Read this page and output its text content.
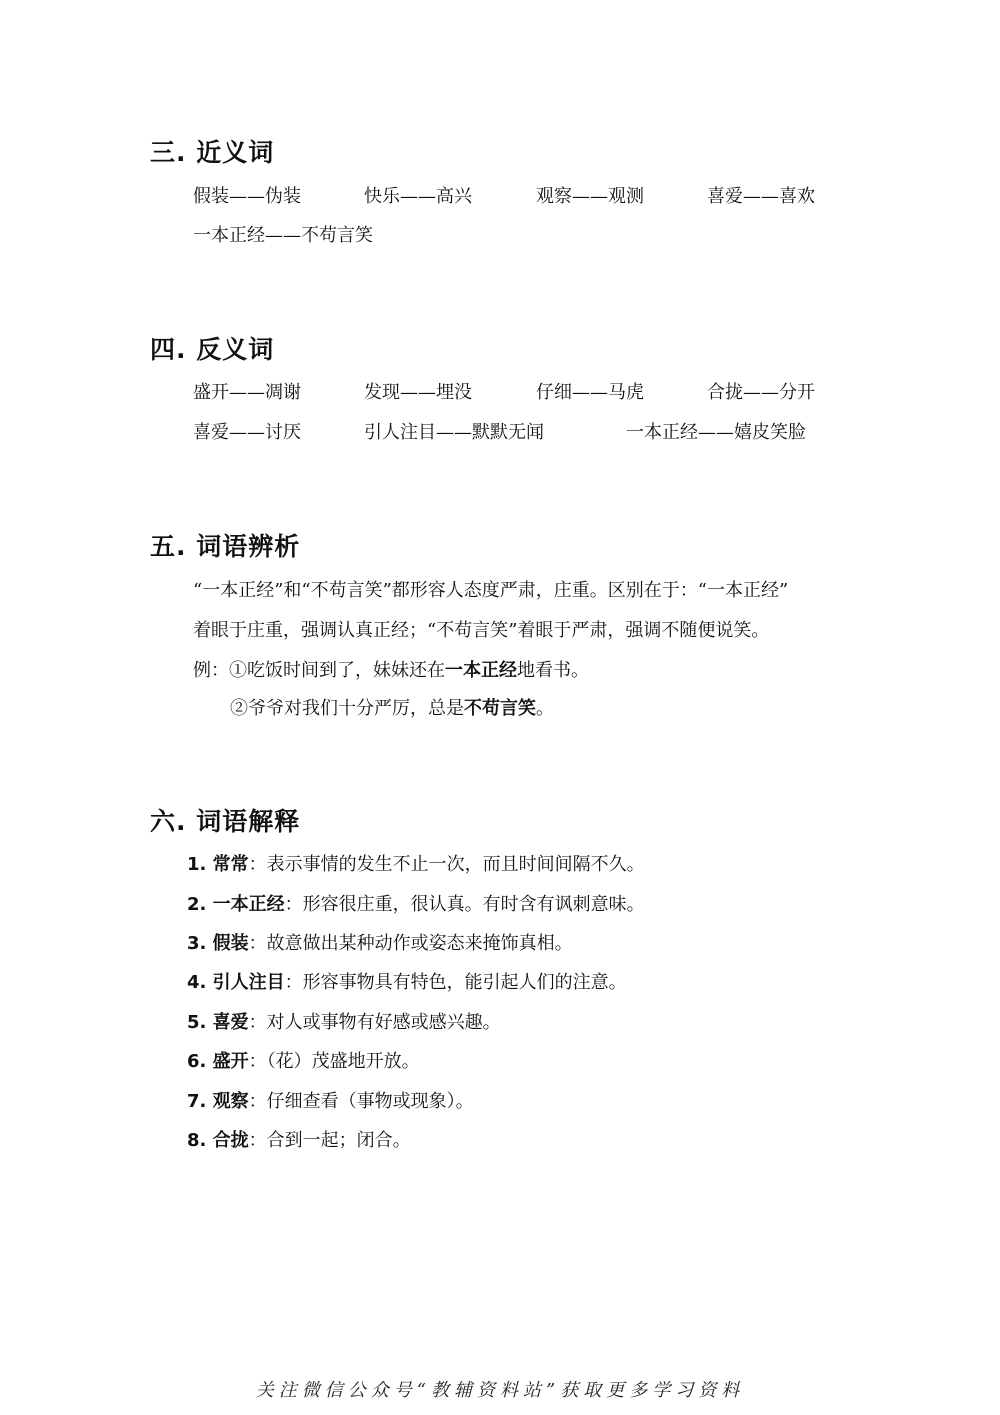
三. 近义词
假装——伪装	快乐——高兴	观察——观测	喜爱——喜欢
一本正经——不苟言笑
四. 反义词
盛开——凋谢	发现——埋没	仔细——马虎	合拢——分开
喜爱——讨厌	引人注目——默默无闻	一本正经——嬉皮笑脸
五. 词语辨析
“一本正经”和“不苟言笑”都形容人态度严肃，庄重。区别在于：“一本正经”
着眼于庄重，强调认真正经；“不苟言笑”着眼于严肃，强调不随便说笑。
例：①吃饭时间到了，妹妹还在一本正经地看书。
②爷爷对我们十分严厉，总是不苟言笑。
六. 词语解释
1. 常常：表示事情的发生不止一次，而且时间间隔不久。
2. 一本正经：形容很庄重，很认真。有时含有讽刺意味。
3. 假装：故意做出某种动作或姿态来掩饰真相。
4. 引人注目：形容事物具有特色，能引起人们的注意。
5. 喜爱：对人或事物有好感或感兴趣。
6. 盛开：（花）茂盛地开放。
7. 观察：仔细查看（事物或现象）。
8. 合拢：合到一起；闭合。
关注微信公众号“教辅资料站”获取更多学习资料
